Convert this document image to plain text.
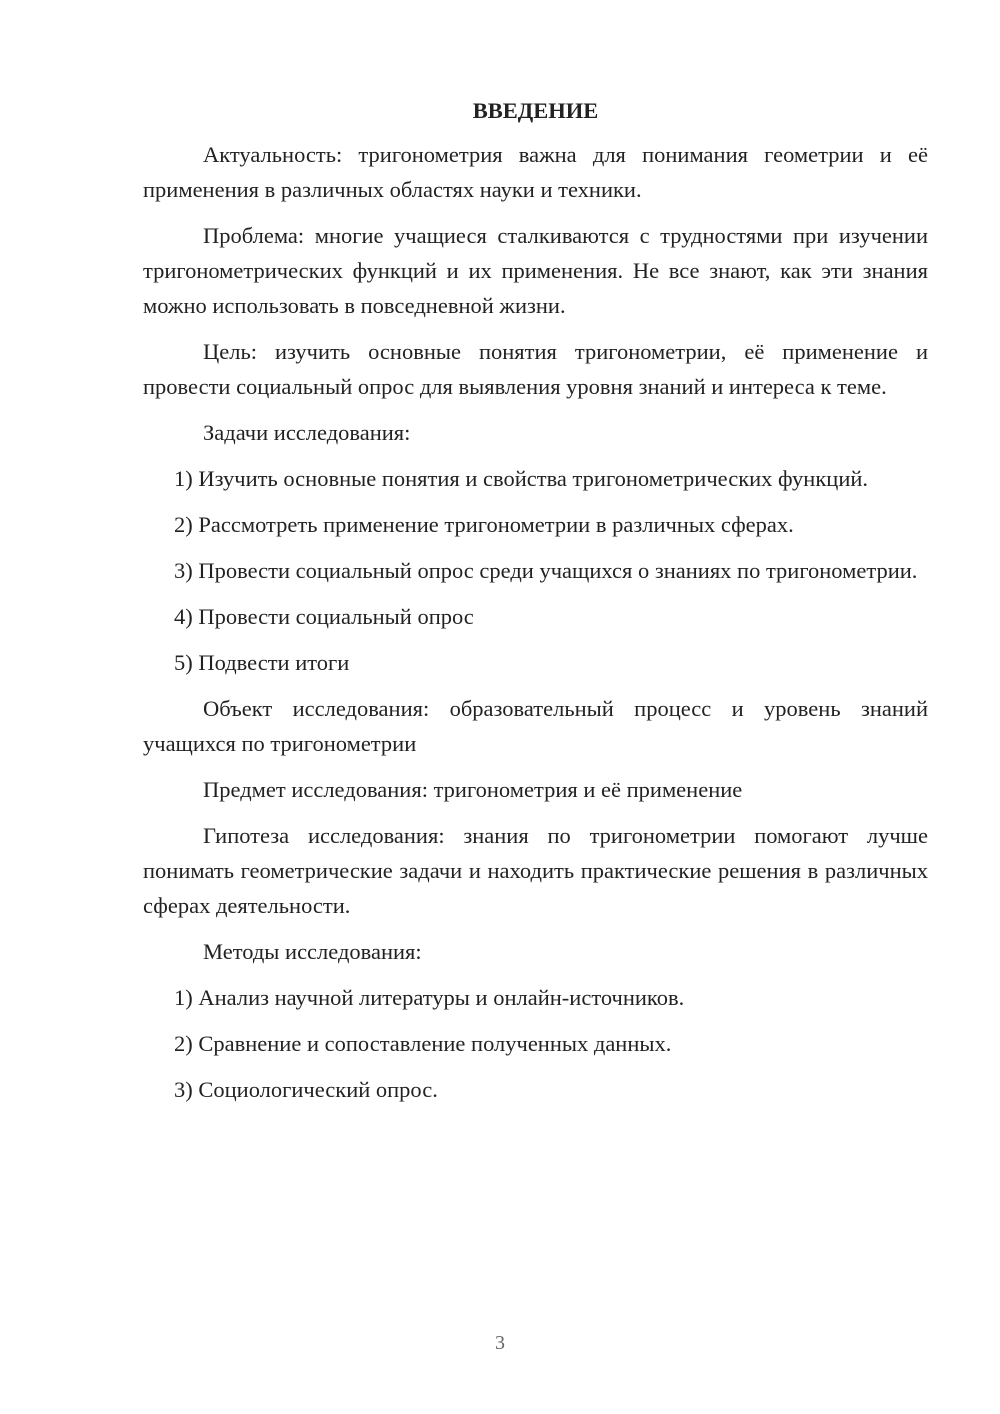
ВВЕДЕНИЕ

Актуальность: тригонометрия важна для понимания геометрии и её применения в различных областях науки и техники.

Проблема: многие учащиеся сталкиваются с трудностями при изучении тригонометрических функций и их применения. Не все знают, как эти знания можно использовать в повседневной жизни.

Цель: изучить основные понятия тригонометрии, её применение и провести социальный опрос для выявления уровня знаний и интереса к теме.

Задачи исследования:

1) Изучить основные понятия и свойства тригонометрических функций.

2) Рассмотреть применение тригонометрии в различных сферах.

3) Провести социальный опрос среди учащихся о знаниях по тригонометрии.

4) Провести социальный опрос

5) Подвести итоги

Объект исследования: образовательный процесс и уровень знаний учащихся по тригонометрии

Предмет исследования: тригонометрия и её применение

Гипотеза исследования: знания по тригонометрии помогают лучше понимать геометрические задачи и находить практические решения в различных сферах деятельности.

Методы исследования:

1) Анализ научной литературы и онлайн-источников.

2) Сравнение и сопоставление полученных данных.

3) Социологический опрос.

3
